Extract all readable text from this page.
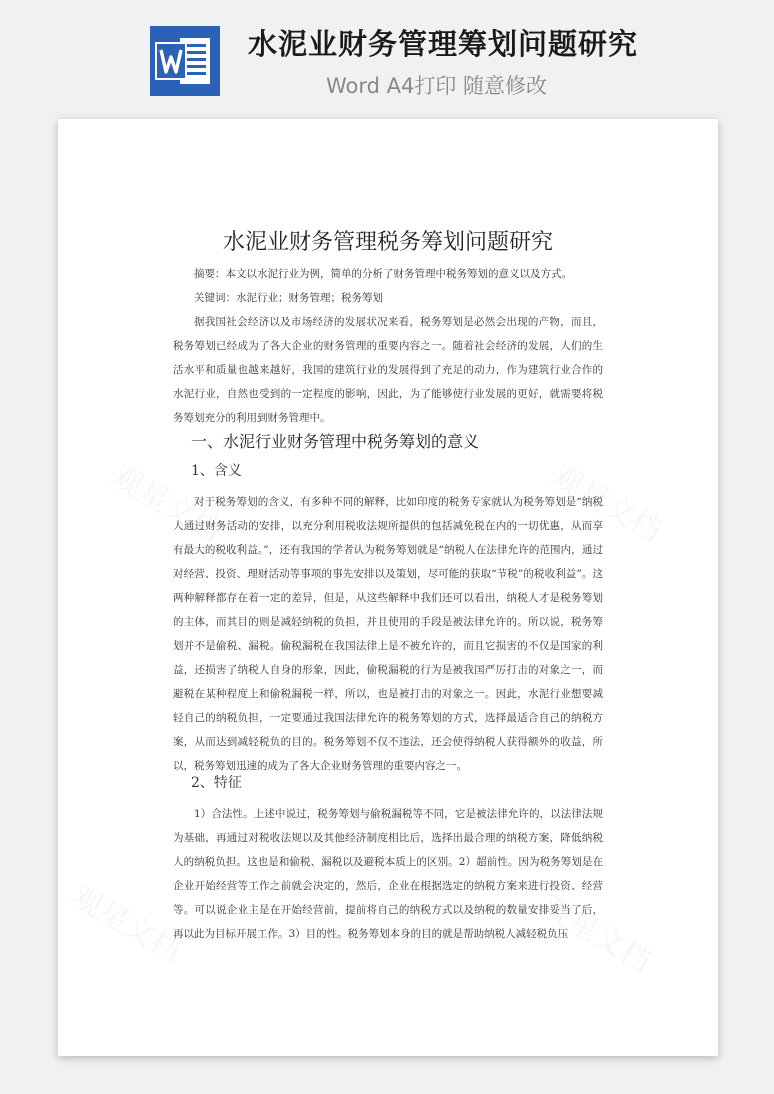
水泥业财务管理筹划问题研究
Word A4打印 随意修改
水泥业财务管理税务筹划问题研究
摘要：本文以水泥行业为例，简单的分析了财务管理中税务筹划的意义以及方式。
关键词：水泥行业；财务管理；税务筹划
据我国社会经济以及市场经济的发展状况来看，税务筹划是必然会出现的产物，而且，税务筹划已经成为了各大企业的财务管理的重要内容之一。随着社会经济的发展，人们的生活水平和质量也越来越好，我国的建筑行业的发展得到了充足的动力，作为建筑行业合作的水泥行业，自然也受到的一定程度的影响，因此，为了能够使行业发展的更好，就需要将税务筹划充分的利用到财务管理中。
一、水泥行业财务管理中税务筹划的意义
1、含义
对于税务筹划的含义，有多种不同的解释，比如印度的税务专家就认为税务筹划是“纳税人通过财务活动的安排，以充分利用税收法规所提供的包括减免税在内的一切优惠，从而享有最大的税收利益。”，还有我国的学者认为税务筹划就是“纳税人在法律允许的范围内，通过对经营、投资、理财活动等事项的事先安排以及策划，尽可能的获取“节税”的税收利益”。这两种解释都存在着一定的差异，但是，从这些解释中我们还可以看出，纳税人才是税务筹划的主体，而其目的则是减轻纳税的负担，并且使用的手段是被法律允许的。所以说，税务筹划并不是偷税、漏税。偷税漏税在我国法律上是不被允许的，而且它损害的不仅是国家的利益，还损害了纳税人自身的形象，因此，偷税漏税的行为是被我国严厉打击的对象之一，而避税在某种程度上和偷税漏税一样，所以，也是被打击的对象之一。因此，水泥行业想要减轻自己的纳税负担，一定要通过我国法律允许的税务筹划的方式，选择最适合自己的纳税方案，从而达到减轻税负的目的。税务筹划不仅不违法，还会使得纳税人获得额外的收益，所以，税务筹划迅速的成为了各大企业财务管理的重要内容之一。
2、特征
1）合法性。上述中说过，税务筹划与偷税漏税等不同，它是被法律允许的，以法律法规为基础，再通过对税收法规以及其他经济制度相比后，选择出最合理的纳税方案，降低纳税人的纳税负担。这也是和偷税、漏税以及避税本质上的区别。2）超前性。因为税务筹划是在企业开始经营等工作之前就会决定的，然后，企业在根据选定的纳税方案来进行投资、经营等。可以说企业主是在开始经营前，提前将自己的纳税方式以及纳税的数量安排妥当了后，再以此为目标开展工作。3）目的性。税务筹划本身的目的就是帮助纳税人减轻税负压
